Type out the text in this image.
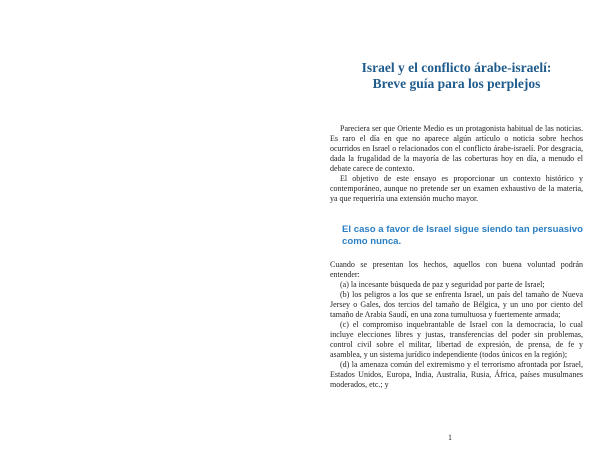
Israel y el conflicto árabe-israelí:
Breve guía para los perplejos

Pareciera ser que Oriente Medio es un protagonista habitual de las noticias. Es raro el día en que no aparece algún artículo o noticia sobre hechos ocurridos en Israel o relacionados con el conflicto árabe-israelí. Por desgracia, dada la frugalidad de la mayoría de las coberturas hoy en día, a menudo el debate carece de contexto.

El objetivo de este ensayo es proporcionar un contexto histórico y contemporáneo, aunque no pretende ser un examen exhaustivo de la materia, ya que requeriría una extensión mucho mayor.

El caso a favor de Israel sigue siendo tan persuasivo como nunca.

Cuando se presentan los hechos, aquellos con buena voluntad podrán entender:

(a) la incesante búsqueda de paz y seguridad por parte de Israel;

(b) los peligros a los que se enfrenta Israel, un país del tamaño de Nueva Jersey o Gales, dos tercios del tamaño de Bélgica, y un uno por ciento del tamaño de Arabia Saudí, en una zona tumultuosa y fuertemente armada;

(c) el compromiso inquebrantable de Israel con la democracia, lo cual incluye elecciones libres y justas, transferencias del poder sin problemas, control civil sobre el militar, libertad de expresión, de prensa, de fe y asamblea, y un sistema jurídico independiente (todos únicos en la región);

(d) la amenaza común del extremismo y el terrorismo afrontada por Israel, Estados Unidos, Europa, India, Australia, Rusia, África, países musulmanes moderados, etc.; y

1
